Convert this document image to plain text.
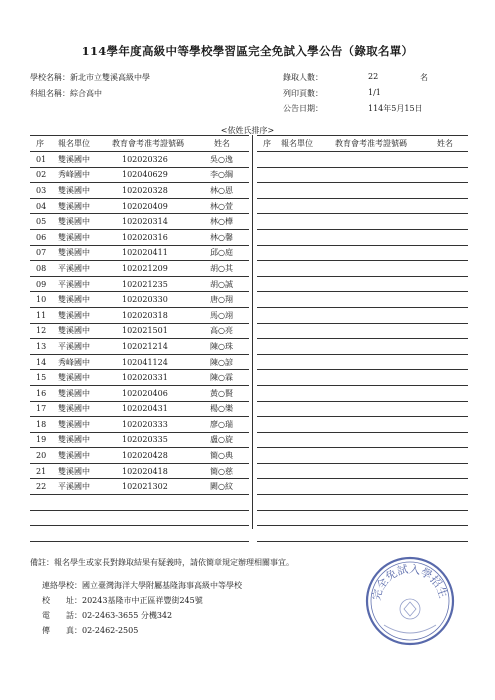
114學年度高級中等學校學習區完全免試入學公告（錄取名單）
學校名稱：新北市立雙溪高級中學
科組名稱：綜合高中
錄取人數：	22	名
列印頁數：	1/1
公告日期：	114年5月15日
<依姓氏排序>
序	報名單位	教育會考准考證號碼	姓名
01	雙溪國中	102020326	吳○逸
02	秀峰國中	102040629	李○綱
03	雙溪國中	102020328	林○恩
04	雙溪國中	102020409	林○萱
05	雙溪國中	102020314	林○樺
06	雙溪國中	102020316	林○馨
07	雙溪國中	102020411	邱○庭
08	平溪國中	102021209	胡○其
09	平溪國中	102021235	胡○誠
10	雙溪國中	102020330	唐○翔
11	雙溪國中	102020318	馬○翊
12	雙溪國中	102021501	高○亮
13	平溪國中	102021214	陳○珠
14	秀峰國中	102041124	陳○諺
15	雙溪國中	102020331	陳○霖
16	雙溪國中	102020406	黃○賢
17	雙溪國中	102020431	楊○樂
18	雙溪國中	102020333	廖○瑞
19	雙溪國中	102020335	盧○旋
20	雙溪國中	102020428	簡○典
21	雙溪國中	102020418	簡○慈
22	平溪國中	102021302	闕○紋

序	報名單位	教育會考准考證號碼	姓名

備註：報名學生或家長對錄取結果有疑義時，請依簡章規定辦理相關事宜。
連絡學校：國立臺灣海洋大學附屬基隆海事高級中等學校
校　　址：20243基隆市中正區祥豐街245號
電　　話：02-2463-3655 分機342
傳　　真：02-2462-2505
完全免試入學招生
